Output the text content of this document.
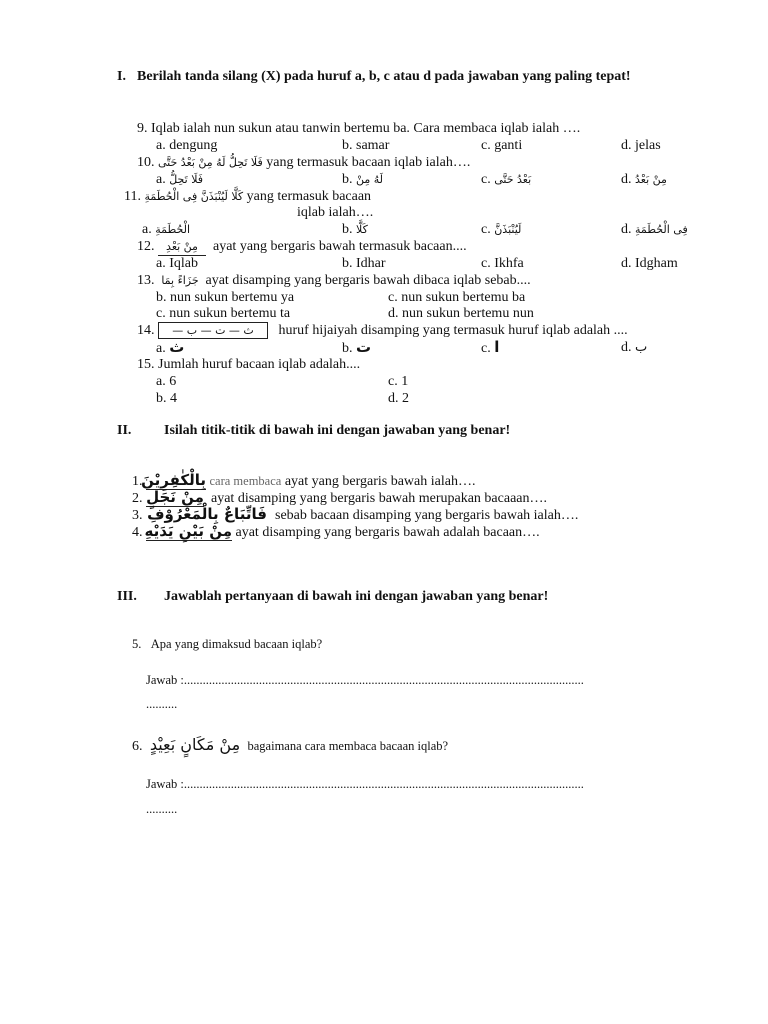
I. Berilah tanda silang (X) pada huruf a, b, c atau d pada jawaban yang paling tepat!
9. Iqlab ialah nun sukun atau tanwin bertemu ba. Cara membaca iqlab ialah ….
a. dengung	b. samar	c. ganti	d. jelas
10. فَلَا تَحِلُّ لَهُ مِنْ بَعْدُ حَتَّى yang termasuk bacaan iqlab ialah….
a. فَلَا تَحِلُّ	b. لَهُ مِنْ	c. بَعْدُ حَتَّى	d. مِنْ بَعْدُ
11. كَلَّا لَيُنْبَذَنَّ فِى الْحُطَمَةِ yang termasuk bacaan
iqlab ialah….
a. الْحُطَمَةِ	b. كَلَّا	c. لَيُنْبَذَنَّ	d. فِى الْحُطَمَةِ
12. مِنْ بَعْدِ ayat yang bergaris bawah termasuk bacaan....
a. Iqlab	b. Idhar	c. Ikhfa	d. Idgham
13. جَزَاءً بِمَا ayat disamping yang bergaris bawah dibaca iqlab sebab....
b. nun sukun bertemu ya	c. nun sukun bertemu ba
c. nun sukun bertemu ta	d. nun sukun bertemu nun
14. ث — ت — ب — huruf hijaiyah disamping yang termasuk huruf iqlab adalah ....
a. ث	b. ت	c. ا	d. ب
15. Jumlah huruf bacaan iqlab adalah....
a. 6	c. 1
b. 4	d. 2
II. Isilah titik-titik di bawah ini dengan jawaban yang benar!
1. بِالْكٰفِرِيْنَ cara membaca ayat yang bergaris bawah ialah….
2. مِنْ نَجَلٍ ayat disamping yang bergaris bawah merupakan bacaaan….
3. فَاتِّبَاعٌ بِالْمَعْرُوْفِ sebab bacaan disamping yang bergaris bawah ialah….
4. مِنْ بَيْنِ يَدَيْهِ ayat disamping yang bergaris bawah adalah bacaan….
III. Jawablah pertanyaan di bawah ini dengan jawaban yang benar!
5. Apa yang dimaksud bacaan iqlab?
Jawab :................................................................................................................................
..........
6. مِنْ مَكَانٍ بَعِيْدٍ bagaimana cara membaca bacaan iqlab?
Jawab :................................................................................................................................
..........
